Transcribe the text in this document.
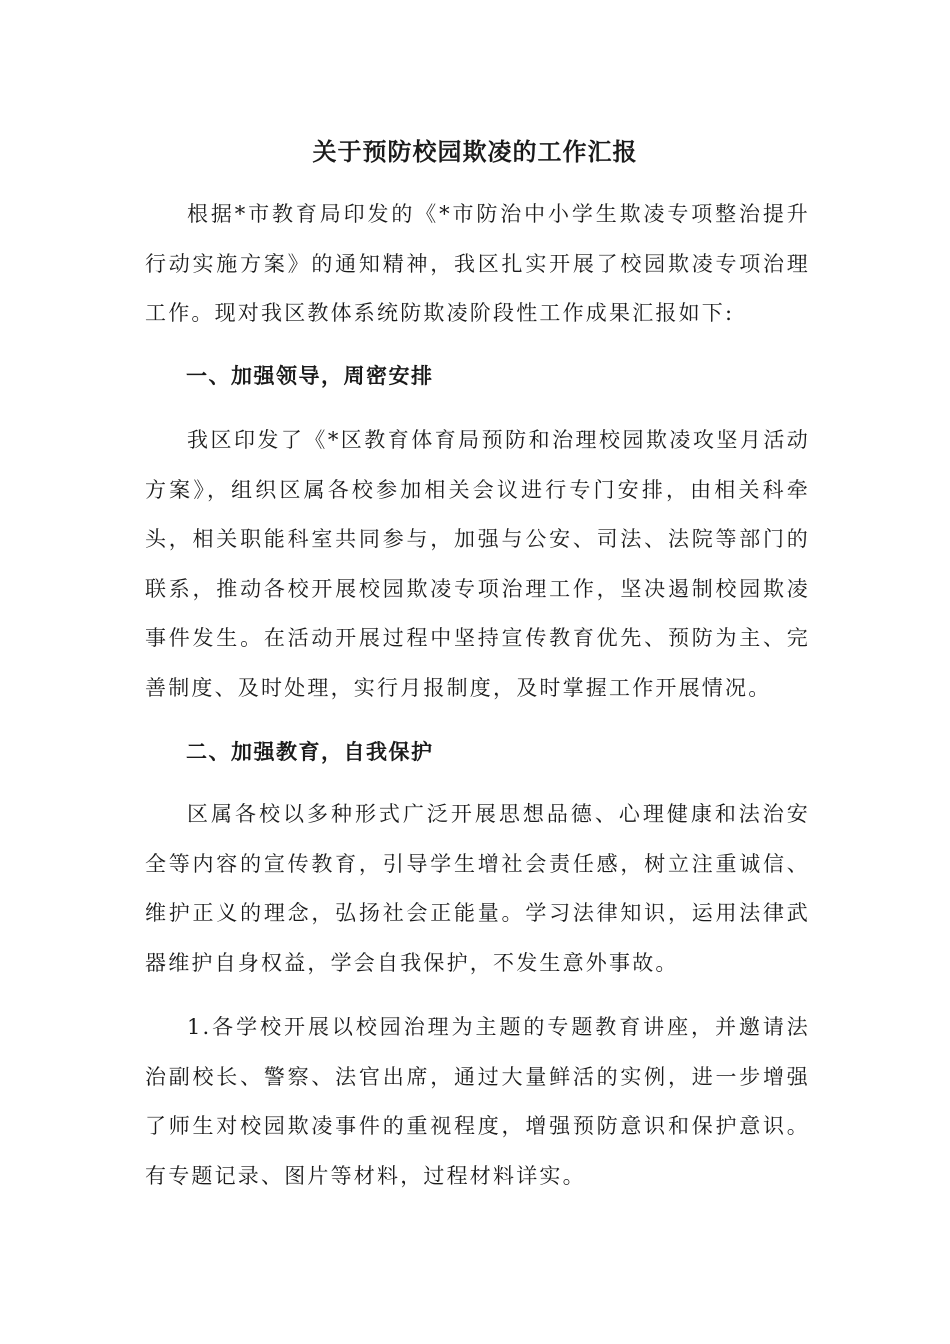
关于预防校园欺凌的工作汇报

根据*市教育局印发的《*市防治中小学生欺凌专项整治提升行动实施方案》的通知精神，我区扎实开展了校园欺凌专项治理工作。现对我区教体系统防欺凌阶段性工作成果汇报如下:

一、加强领导，周密安排

我区印发了《*区教育体育局预防和治理校园欺凌攻坚月活动方案》，组织区属各校参加相关会议进行专门安排，由相关科牵头，相关职能科室共同参与，加强与公安、司法、法院等部门的联系，推动各校开展校园欺凌专项治理工作，坚决遏制校园欺凌事件发生。在活动开展过程中坚持宣传教育优先、预防为主、完善制度、及时处理，实行月报制度，及时掌握工作开展情况。

二、加强教育，自我保护

区属各校以多种形式广泛开展思想品德、心理健康和法治安全等内容的宣传教育，引导学生增社会责任感，树立注重诚信、维护正义的理念，弘扬社会正能量。学习法律知识，运用法律武器维护自身权益，学会自我保护，不发生意外事故。

1.各学校开展以校园治理为主题的专题教育讲座，并邀请法治副校长、警察、法官出席，通过大量鲜活的实例，进一步增强了师生对校园欺凌事件的重视程度，增强预防意识和保护意识。有专题记录、图片等材料，过程材料详实。
